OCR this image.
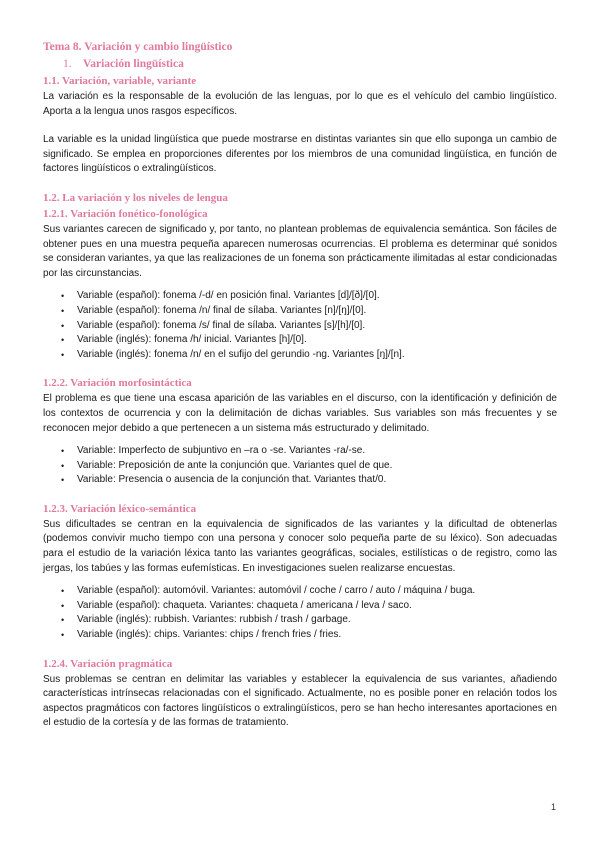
Tema 8. Variación y cambio lingüístico
1. Variación lingüística
1.1. Variación, variable, variante

La variación es la responsable de la evolución de las lenguas, por lo que es el vehículo del cambio lingüístico. Aporta a la lengua unos rasgos específicos.

La variable es la unidad lingüística que puede mostrarse en distintas variantes sin que ello suponga un cambio de significado. Se emplea en proporciones diferentes por los miembros de una comunidad lingüística, en función de factores lingüísticos o extralingüísticos.

1.2. La variación y los niveles de lengua
1.2.1. Variación fonético-fonológica

Sus variantes carecen de significado y, por tanto, no plantean problemas de equivalencia semántica. Son fáciles de obtener pues en una muestra pequeña aparecen numerosas ocurrencias. El problema es determinar qué sonidos se consideran variantes, ya que las realizaciones de un fonema son prácticamente ilimitadas al estar condicionadas por las circunstancias.

• Variable (español): fonema /-d/ en posición final. Variantes [d]/[ð]/[0].
• Variable (español): fonema /n/ final de sílaba. Variantes [n]/[ŋ]/[0].
• Variable (español): fonema /s/ final de sílaba. Variantes [s]/[h]/[0].
• Variable (inglés): fonema /h/ inicial. Variantes [h]/[0].
• Variable (inglés): fonema /n/ en el sufijo del gerundio -ng. Variantes [ŋ]/[n].
1.2.2. Variación morfosintáctica

El problema es que tiene una escasa aparición de las variables en el discurso, con la identificación y definición de los contextos de ocurrencia y con la delimitación de dichas variables. Sus variables son más frecuentes y se reconocen mejor debido a que pertenecen a un sistema más estructurado y delimitado.

• Variable: Imperfecto de subjuntivo en –ra o -se. Variantes -ra/-se.
• Variable: Preposición de ante la conjunción que. Variantes quel de que.
• Variable: Presencia o ausencia de la conjunción that. Variantes that/0.
1.2.3. Variación léxico-semántica

Sus dificultades se centran en la equivalencia de significados de las variantes y la dificultad de obtenerlas (podemos convivir mucho tiempo con una persona y conocer solo pequeña parte de su léxico). Son adecuadas para el estudio de la variación léxica tanto las variantes geográficas, sociales, estilísticas o de registro, como las jergas, los tabúes y las formas eufemísticas. En investigaciones suelen realizarse encuestas.

• Variable (español): automóvil. Variantes: automóvil / coche / carro / auto / máquina / buga.
• Variable (español): chaqueta. Variantes: chaqueta / americana / leva / saco.
• Variable (inglés): rubbish. Variantes: rubbish / trash / garbage.
• Variable (inglés): chips. Variantes: chips / french fries / fries.
1.2.4. Variación pragmática

Sus problemas se centran en delimitar las variables y establecer la equivalencia de sus variantes, añadiendo características intrínsecas relacionadas con el significado. Actualmente, no es posible poner en relación todos los aspectos pragmáticos con factores lingüísticos o extralingüísticos, pero se han hecho interesantes aportaciones en el estudio de la cortesía y de las formas de tratamiento.

1
